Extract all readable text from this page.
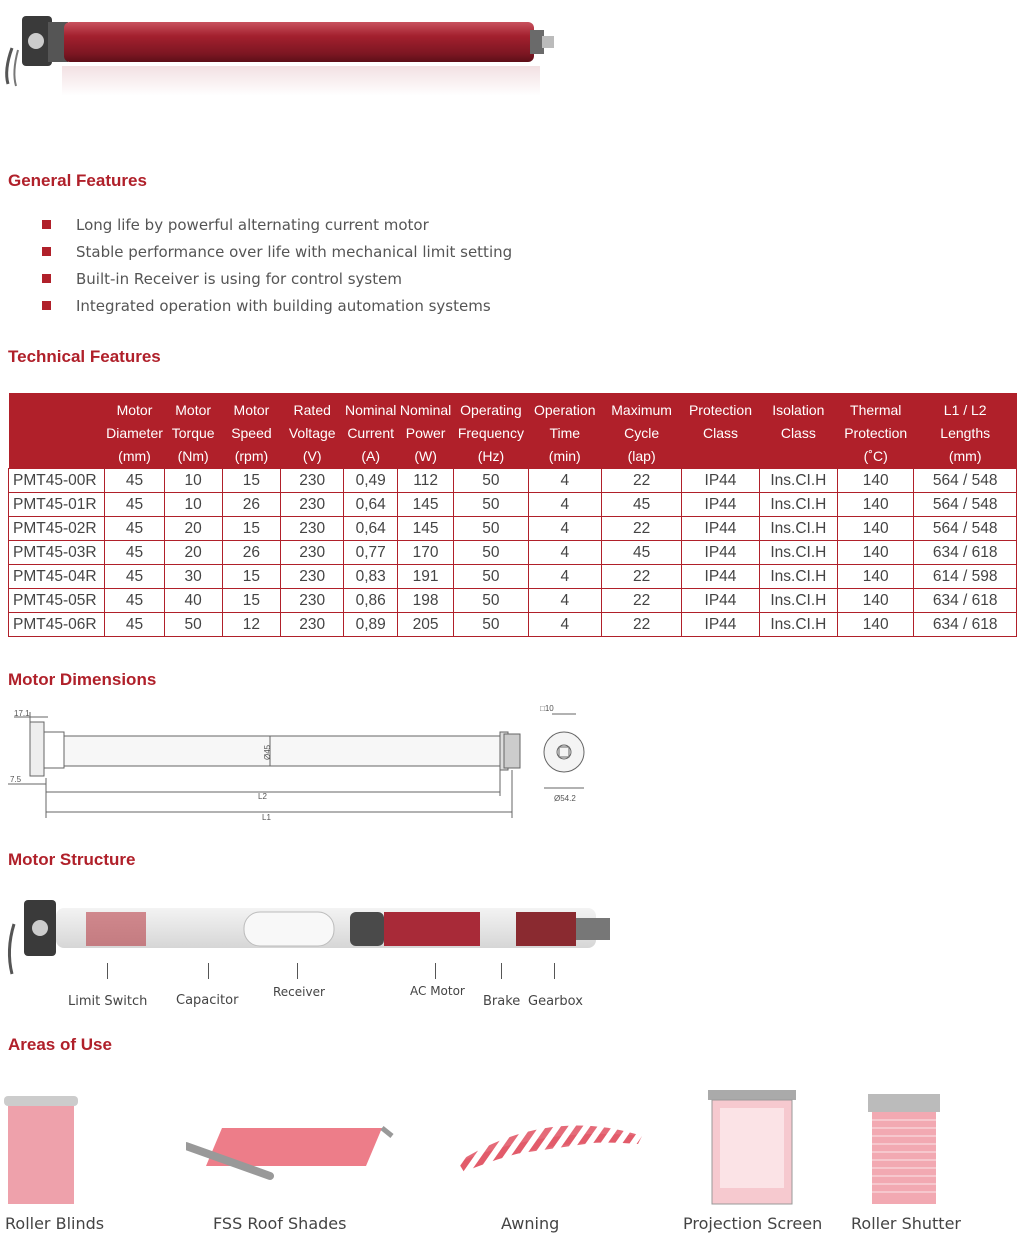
General Features
Long life by powerful alternating current motor
Stable performance over life with mechanical limit setting
Built-in Receiver is using for control system
Integrated operation with building automation systems
Technical Features
	Motor	Motor	Motor	Rated	Nominal	Nominal	Operating	Operation	Maximum	Protection	Isolation	Thermal	L1 / L2
	Diameter	Torque	Speed	Voltage	Current	Power	Frequency	Time	Cycle	Class	Class	Protection	Lengths
	(mm)	(Nm)	(rpm)	(V)	(A)	(W)	(Hz)	(min)	(lap)			(˚C)	(mm)
PMT45-00R	45	10	15	230	0,49	112	50	4	22	IP44	Ins.CI.H	140	564 / 548
PMT45-01R	45	10	26	230	0,64	145	50	4	45	IP44	Ins.CI.H	140	564 / 548
PMT45-02R	45	20	15	230	0,64	145	50	4	22	IP44	Ins.CI.H	140	564 / 548
PMT45-03R	45	20	26	230	0,77	170	50	4	45	IP44	Ins.CI.H	140	634 / 618
PMT45-04R	45	30	15	230	0,83	191	50	4	22	IP44	Ins.CI.H	140	614 / 598
PMT45-05R	45	40	15	230	0,86	198	50	4	22	IP44	Ins.CI.H	140	634 / 618
PMT45-06R	45	50	12	230	0,89	205	50	4	22	IP44	Ins.CI.H	140	634 / 618
Motor Dimensions
17.1
7.5
Ø45
L2
L1
□10
Ø54.2
Motor Structure
Limit Switch Capacitor
Receiver	AC Motor
Brake Gearbox
Areas of Use
Roller Blinds	FSS Roof Shades	Awning	Projection Screen Roller Shutter
